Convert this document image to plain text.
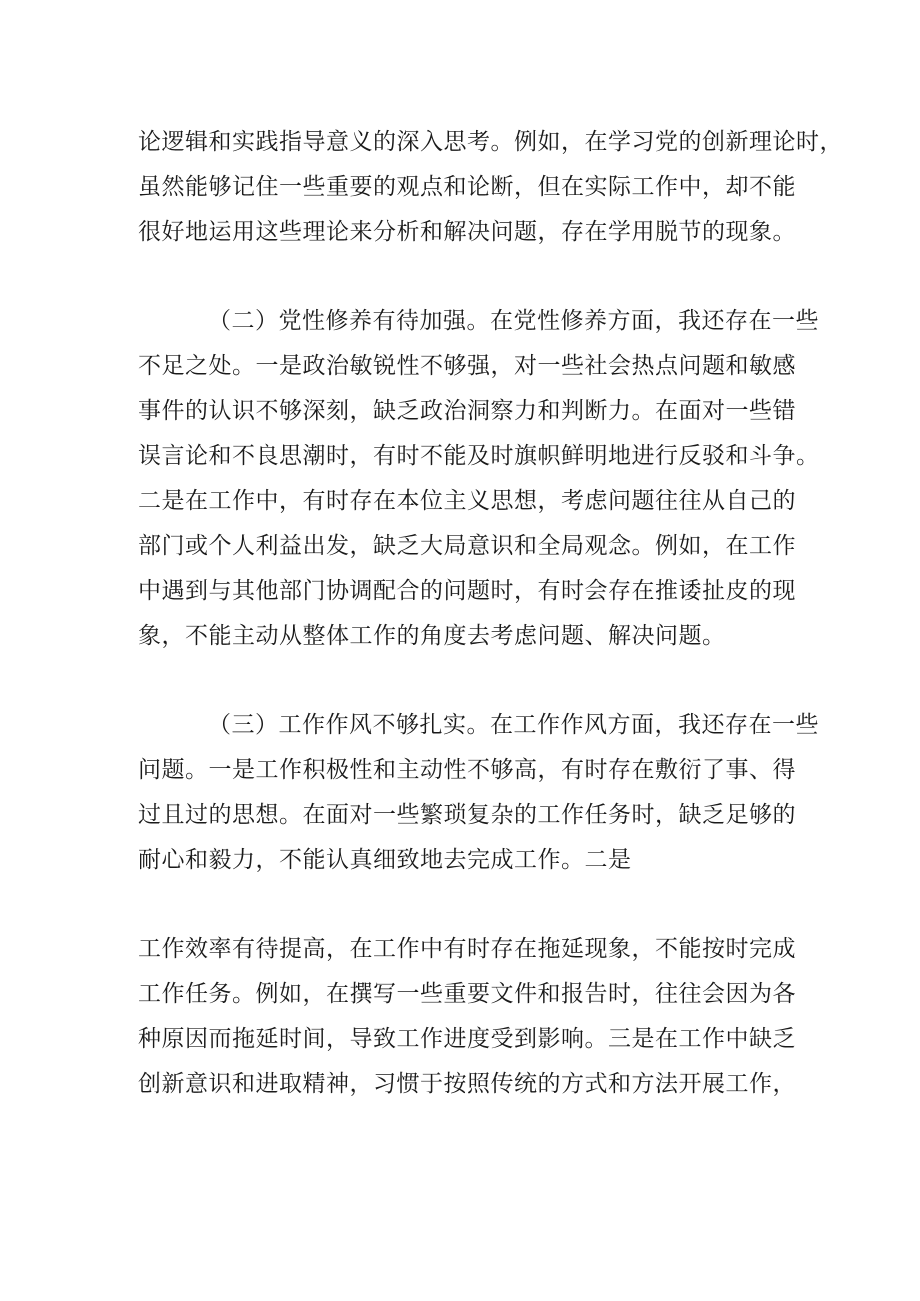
论逻辑和实践指导意义的深入思考。例如，在学习党的创新理论时，
虽然能够记住一些重要的观点和论断，但在实际工作中，却不能
很好地运用这些理论来分析和解决问题，存在学用脱节的现象。
（二）党性修养有待加强。在党性修养方面，我还存在一些
不足之处。一是政治敏锐性不够强，对一些社会热点问题和敏感
事件的认识不够深刻，缺乏政治洞察力和判断力。在面对一些错
误言论和不良思潮时，有时不能及时旗帜鲜明地进行反驳和斗争。
二是在工作中，有时存在本位主义思想，考虑问题往往从自己的
部门或个人利益出发，缺乏大局意识和全局观念。例如，在工作
中遇到与其他部门协调配合的问题时，有时会存在推诿扯皮的现
象，不能主动从整体工作的角度去考虑问题、解决问题。
（三）工作作风不够扎实。在工作作风方面，我还存在一些
问题。一是工作积极性和主动性不够高，有时存在敷衍了事、得
过且过的思想。在面对一些繁琐复杂的工作任务时，缺乏足够的
耐心和毅力，不能认真细致地去完成工作。二是
工作效率有待提高，在工作中有时存在拖延现象，不能按时完成
工作任务。例如，在撰写一些重要文件和报告时，往往会因为各
种原因而拖延时间，导致工作进度受到影响。三是在工作中缺乏
创新意识和进取精神，习惯于按照传统的方式和方法开展工作，
